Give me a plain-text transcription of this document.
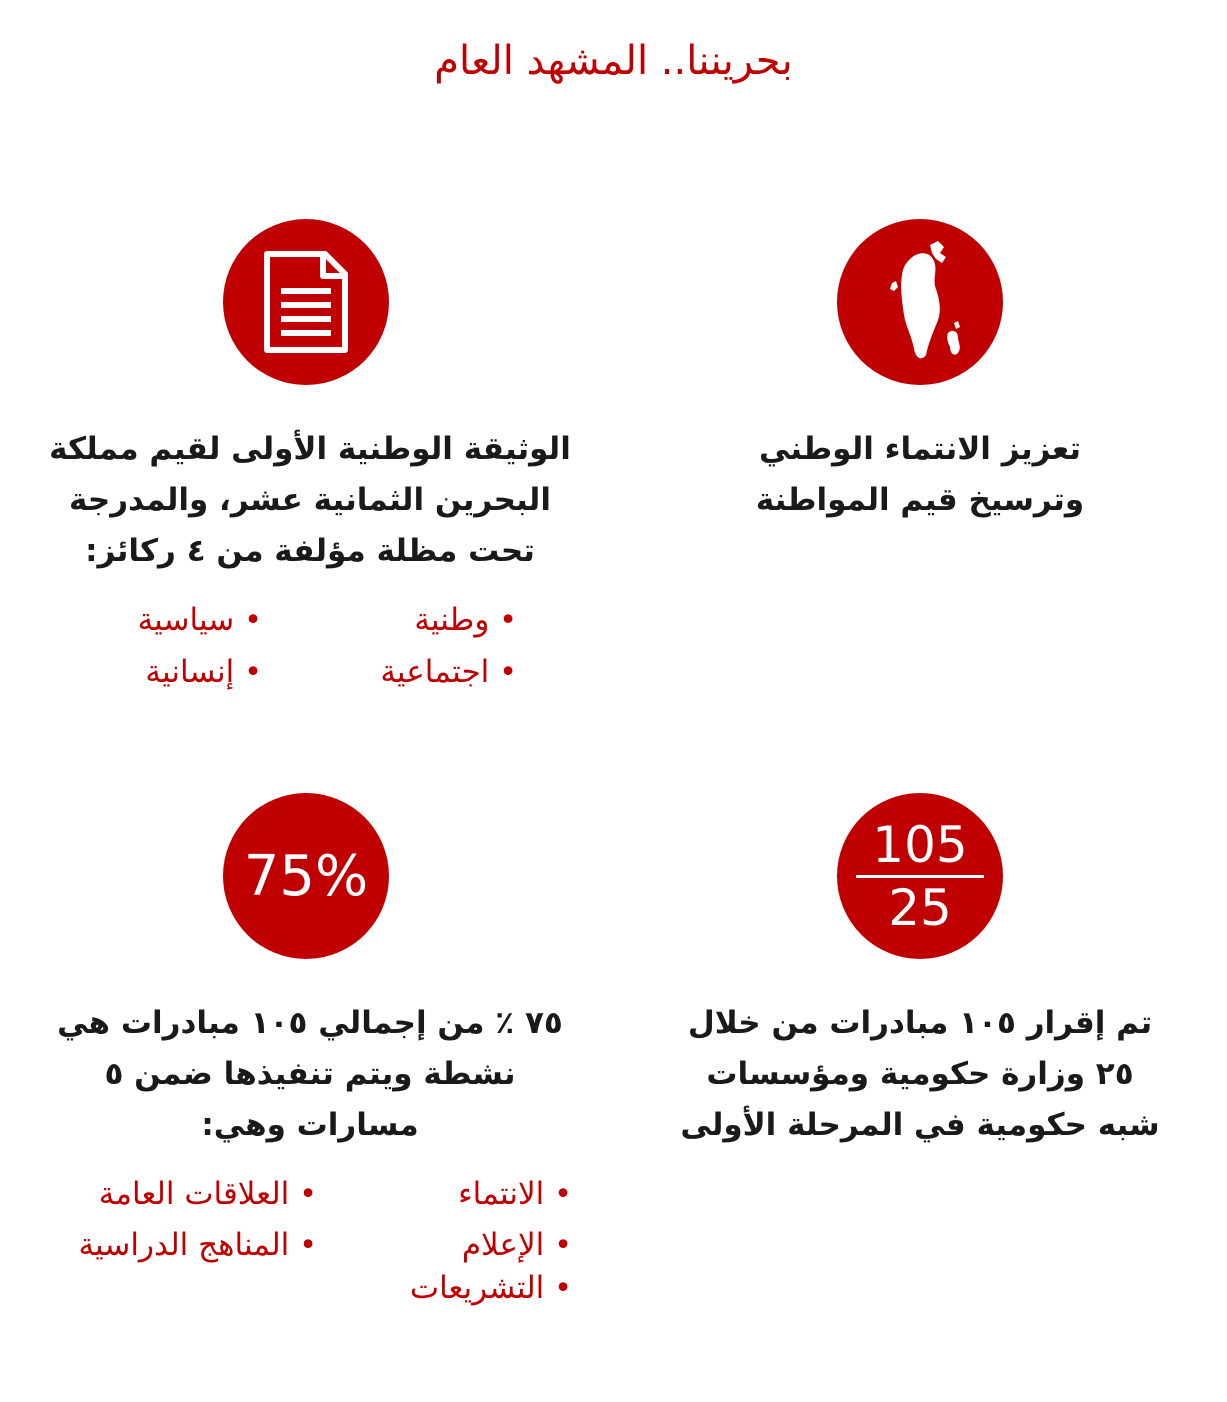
بحريننا.. المشهد العام
تعزيز الانتماء الوطني
وترسيخ قيم المواطنة
الوثيقة الوطنية الأولى لقيم مملكة
البحرين الثمانية عشر، والمدرجة
تحت مظلة مؤلفة من ٤ ركائز:
• وطنية
• سياسية
• اجتماعية
• إنسانية
$\frac{105}{25}$
75%
تم إقرار ١٠٥ مبادرات من خلال
٢٥ وزارة حكومية ومؤسسات
شبه حكومية في المرحلة الأولى
٧٥ ٪ من إجمالي ١٠٥ مبادرات هي
نشطة ويتم تنفيذها ضمن ٥
مسارات وهي:
• الانتماء
• العلاقات العامة
• الإعلام
• المناهج الدراسية
• التشريعات
